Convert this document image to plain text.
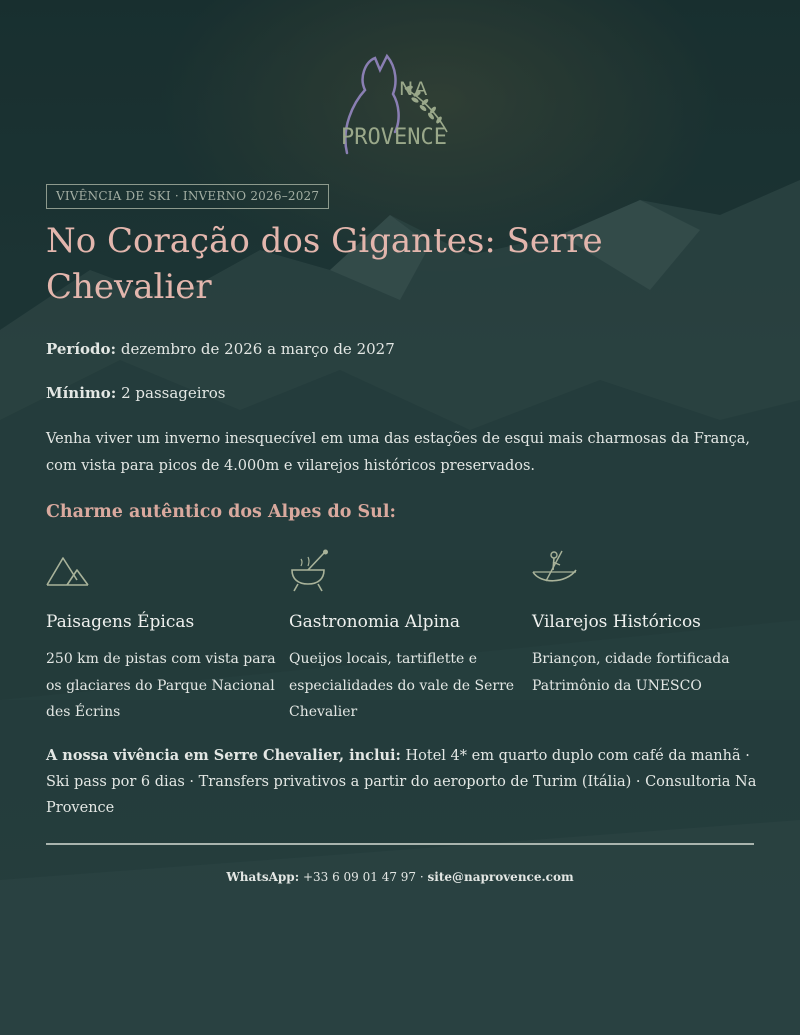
NA
PROVENCE
VIVÊNCIA DE SKI · INVERNO 2026–2027
No Coração dos Gigantes: Serre Chevalier
Período: dezembro de 2026 a março de 2027
Mínimo: 2 passageiros

Venha viver um inverno inesquecível em uma das estações de esqui mais charmosas da França, com vista para picos de 4.000m e vilarejos históricos preservados.

Charme autêntico dos Alpes do Sul:
Paisagens Épicas
250 km de pistas com vista para os glaciares do Parque Nacional des Écrins
Gastronomia Alpina
Queijos locais, tartiflette e especialidades do vale de Serre Chevalier
Vilarejos Históricos
Briançon, cidade fortificada Patrimônio da UNESCO

A nossa vivência em Serre Chevalier, inclui: Hotel 4* em quarto duplo com café da manhã · Ski pass por 6 dias · Transfers privativos a partir do aeroporto de Turim (Itália) · Consultoria Na Provence

WhatsApp: +33 6 09 01 47 97 · site@naprovence.com
